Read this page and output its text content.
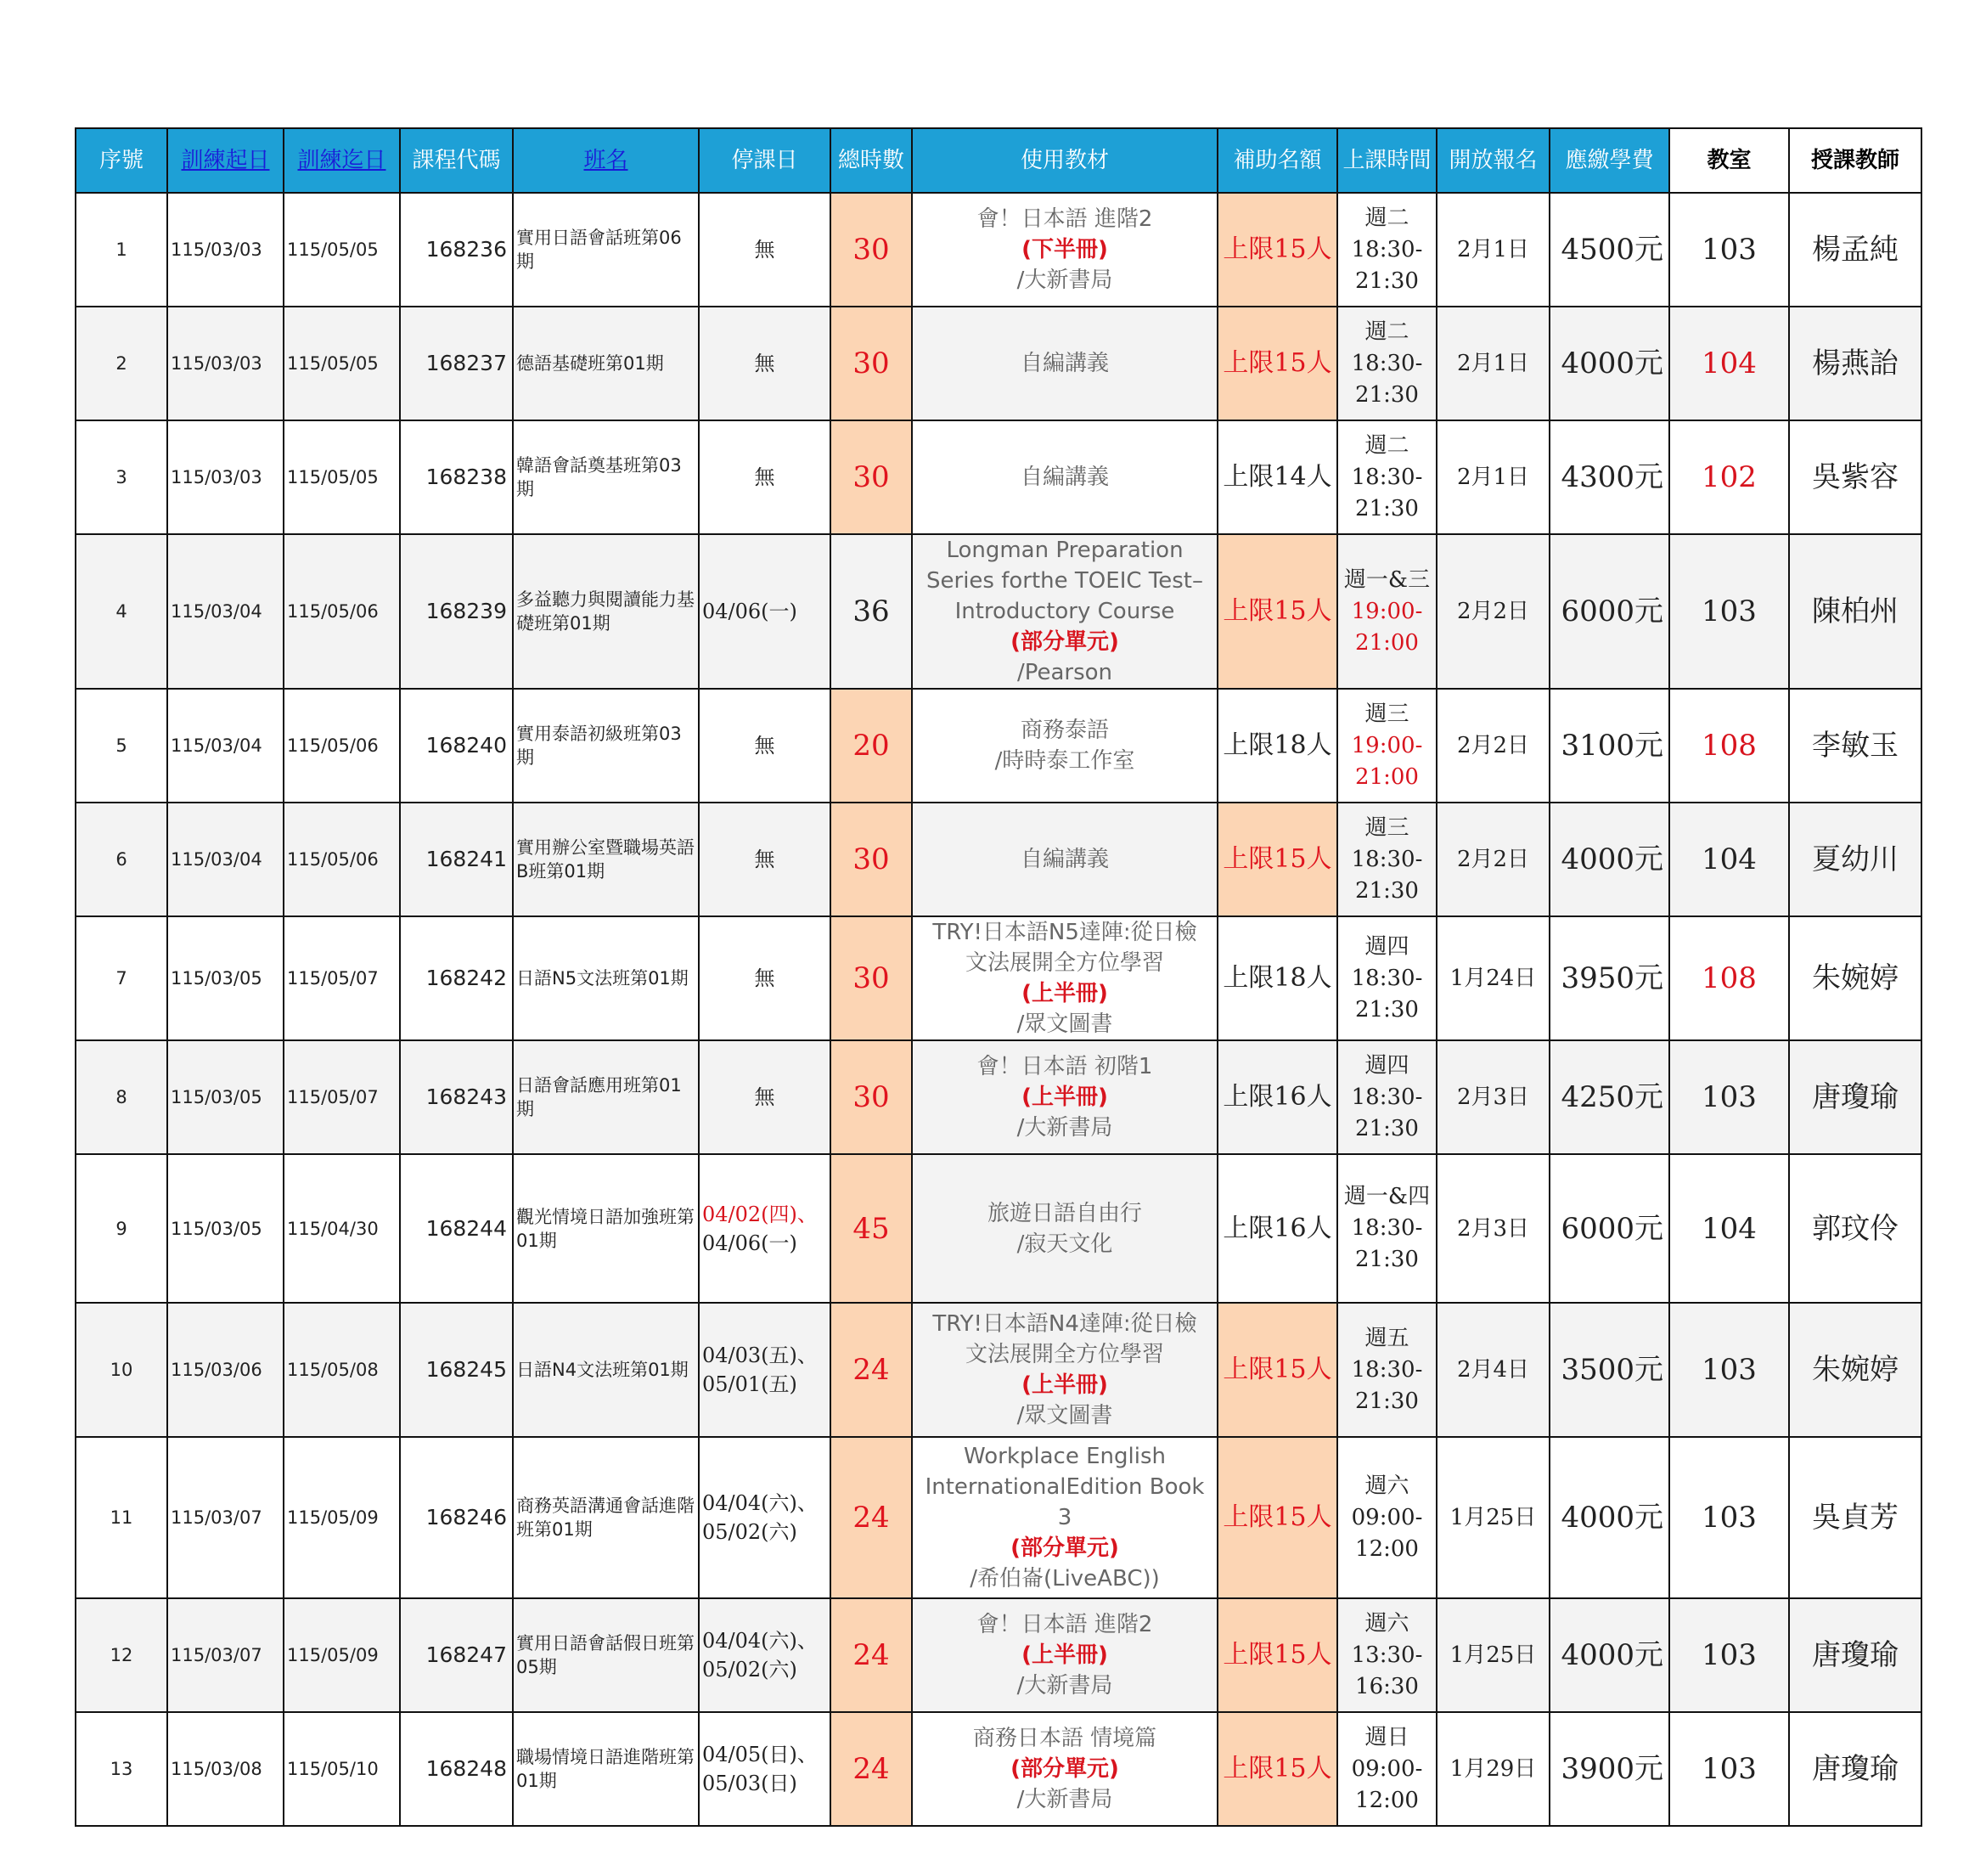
序號	訓練起日	訓練迄日	課程代碼	班名	停課日	總時數	使用教材	補助名額	上課時間	開放報名	應繳學費	教室	授課教師
1	115/03/03	115/05/05	168236	實用日語會話班第06期	無	30	會！日本語 進階2
(下半冊)
/大新書局	上限15人	週二
18:30-
21:30	2月1日	4500元	103	楊孟純
2	115/03/03	115/05/05	168237	德語基礎班第01期	無	30	自編講義	上限15人	週二
18:30-
21:30	2月1日	4000元	104	楊燕詒
3	115/03/03	115/05/05	168238	韓語會話奠基班第03期	無	30	自編講義	上限14人	週二
18:30-
21:30	2月1日	4300元	102	吳紫容
4	115/03/04	115/05/06	168239	多益聽力與閱讀能力基礎班第01期	04/06(一)	36	Longman Preparation
Series forthe TOEIC Test–
Introductory Course
(部分單元)
/Pearson	上限15人	週一&三
19:00-
21:00	2月2日	6000元	103	陳柏州
5	115/03/04	115/05/06	168240	實用泰語初級班第03期	無	20	商務泰語
/時時泰工作室	上限18人	週三
19:00-
21:00	2月2日	3100元	108	李敏玉
6	115/03/04	115/05/06	168241	實用辦公室暨職場英語B班第01期	無	30	自編講義	上限15人	週三
18:30-
21:30	2月2日	4000元	104	夏幼川
7	115/03/05	115/05/07	168242	日語N5文法班第01期	無	30	TRY!日本語N5達陣:從日檢
文法展開全方位學習
(上半冊)
/眾文圖書	上限18人	週四
18:30-
21:30	1月24日	3950元	108	朱婉婷
8	115/03/05	115/05/07	168243	日語會話應用班第01期	無	30	會！日本語 初階1
(上半冊)
/大新書局	上限16人	週四
18:30-
21:30	2月3日	4250元	103	唐瓊瑜
9	115/03/05	115/04/30	168244	觀光情境日語加強班第01期	04/02(四)、
04/06(一)	45	旅遊日語自由行
/寂天文化	上限16人	週一&四
18:30-
21:30	2月3日	6000元	104	郭玟伶
10	115/03/06	115/05/08	168245	日語N4文法班第01期	04/03(五)、
05/01(五)	24	TRY!日本語N4達陣:從日檢
文法展開全方位學習
(上半冊)
/眾文圖書	上限15人	週五
18:30-
21:30	2月4日	3500元	103	朱婉婷
11	115/03/07	115/05/09	168246	商務英語溝通會話進階班第01期	04/04(六)、
05/02(六)	24	Workplace English
InternationalEdition Book 3
(部分單元)
/希伯崙(LiveABC))	上限15人	週六
09:00-
12:00	1月25日	4000元	103	吳貞芳
12	115/03/07	115/05/09	168247	實用日語會話假日班第05期	04/04(六)、
05/02(六)	24	會！日本語 進階2
(上半冊)
/大新書局	上限15人	週六
13:30-
16:30	1月25日	4000元	103	唐瓊瑜
13	115/03/08	115/05/10	168248	職場情境日語進階班第01期	04/05(日)、
05/03(日)	24	商務日本語 情境篇
(部分單元)
/大新書局	上限15人	週日
09:00-
12:00	1月29日	3900元	103	唐瓊瑜
